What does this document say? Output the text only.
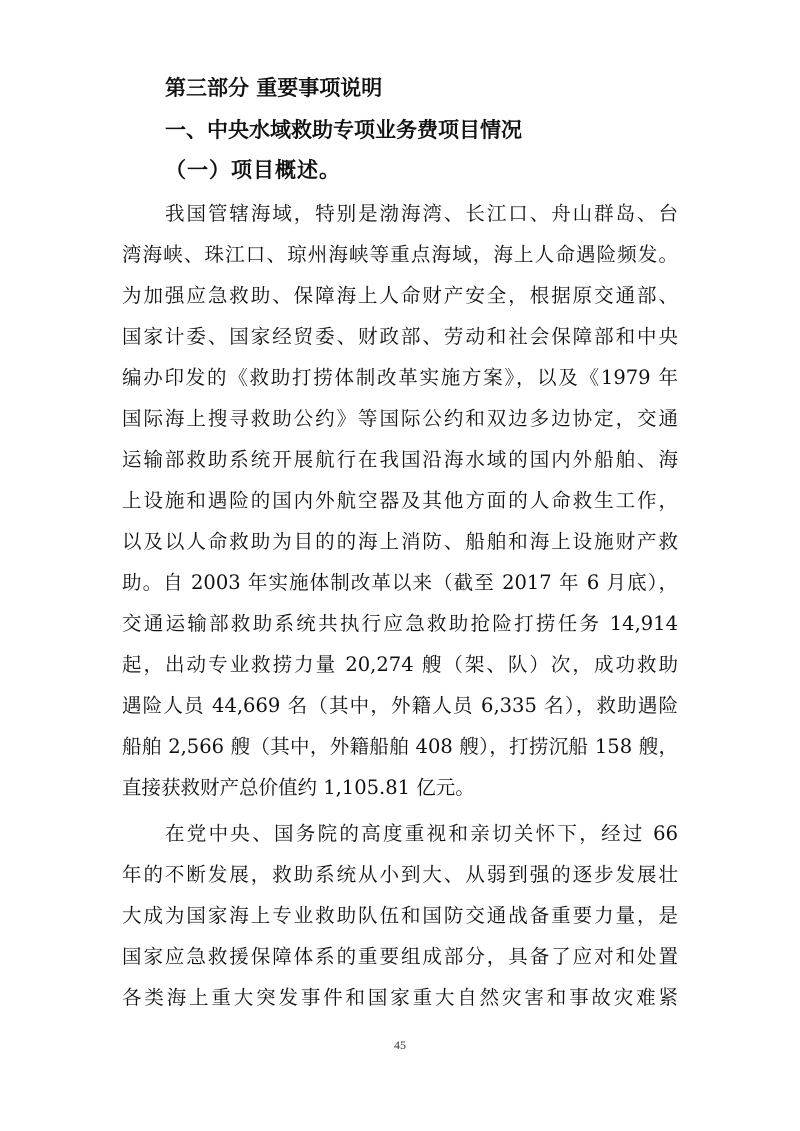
第三部分 重要事项说明
一、中央水域救助专项业务费项目情况
（一）项目概述。
我国管辖海域，特别是渤海湾、长江口、舟山群岛、台
湾海峡、珠江口、琼州海峡等重点海域，海上人命遇险频发。
为加强应急救助、保障海上人命财产安全，根据原交通部、
国家计委、国家经贸委、财政部、劳动和社会保障部和中央
编办印发的《救助打捞体制改革实施方案》，以及《1979 年
国际海上搜寻救助公约》等国际公约和双边多边协定，交通
运输部救助系统开展航行在我国沿海水域的国内外船舶、海
上设施和遇险的国内外航空器及其他方面的人命救生工作，
以及以人命救助为目的的海上消防、船舶和海上设施财产救
助。自 2003 年实施体制改革以来（截至 2017 年 6 月底），
交通运输部救助系统共执行应急救助抢险打捞任务 14,914
起，出动专业救捞力量 20,274 艘（架、队）次，成功救助
遇险人员 44,669 名（其中，外籍人员 6,335 名），救助遇险
船舶 2,566 艘（其中，外籍船舶 408 艘），打捞沉船 158 艘，
直接获救财产总价值约 1,105.81 亿元。
在党中央、国务院的高度重视和亲切关怀下，经过 66
年的不断发展，救助系统从小到大、从弱到强的逐步发展壮
大成为国家海上专业救助队伍和国防交通战备重要力量，是
国家应急救援保障体系的重要组成部分，具备了应对和处置
各类海上重大突发事件和国家重大自然灾害和事故灾难紧
45
